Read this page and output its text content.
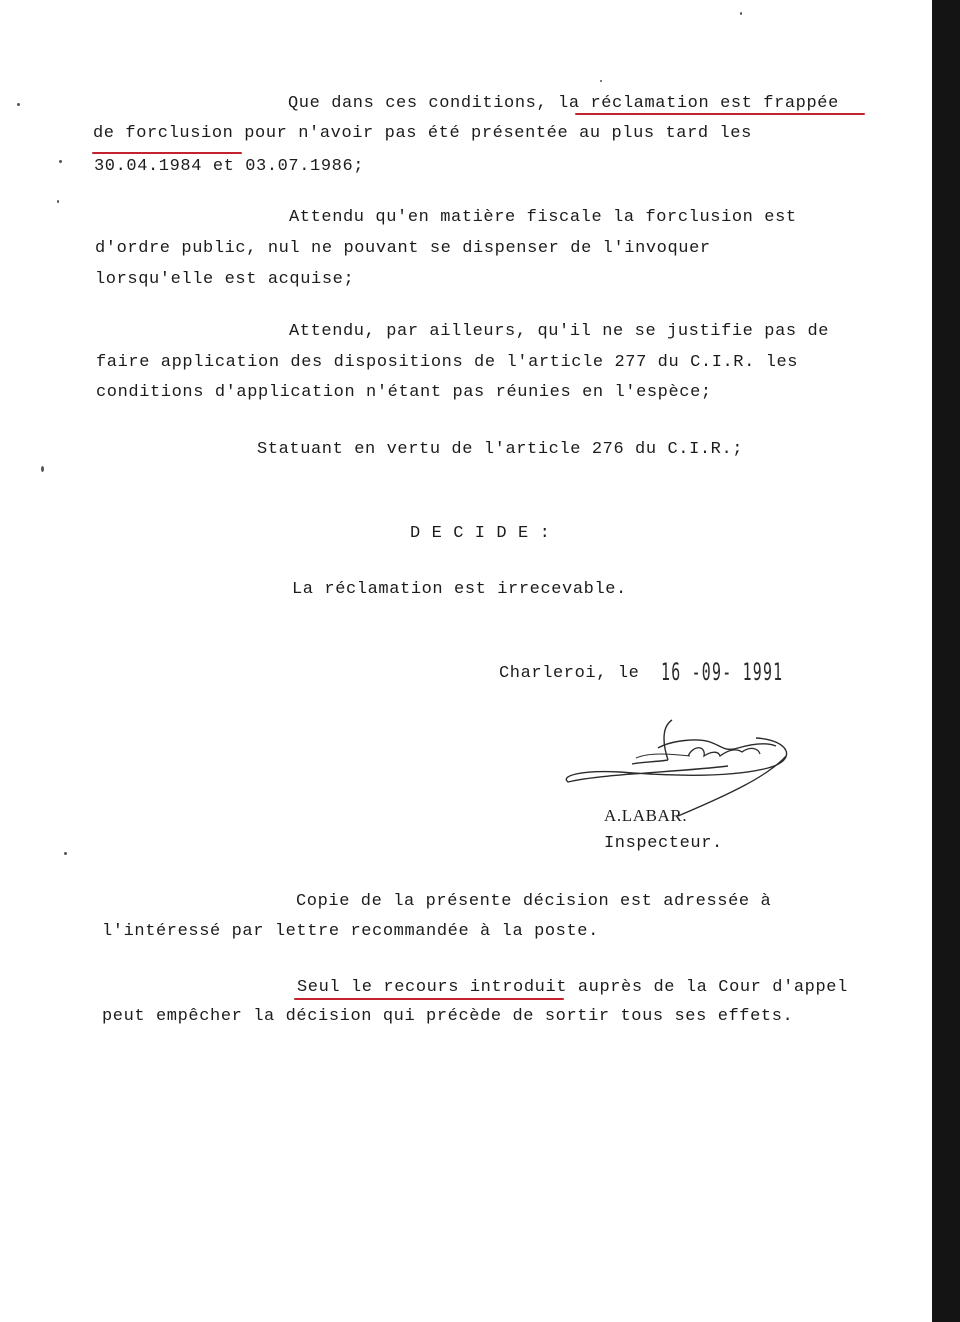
Que dans ces conditions, la réclamation est frappée
de forclusion pour n'avoir pas été présentée au plus tard les
30.04.1984 et 03.07.1986;
Attendu qu'en matière fiscale la forclusion est
d'ordre public, nul ne pouvant se dispenser de l'invoquer
lorsqu'elle est acquise;
Attendu, par ailleurs, qu'il ne se justifie pas de
faire application des dispositions de l'article 277 du C.I.R. les
conditions d'application n'étant pas réunies en l'espèce;
Statuant en vertu de l'article 276 du C.I.R.;
D E C I D E :
La réclamation est irrecevable.
Charleroi, le 16 -09- 1991
A.LABAR.
Inspecteur.
Copie de la présente décision est adressée à
l'intéressé par lettre recommandée à la poste.
Seul le recours introduit auprès de la Cour d'appel
peut empêcher la décision qui précède de sortir tous ses effets.
